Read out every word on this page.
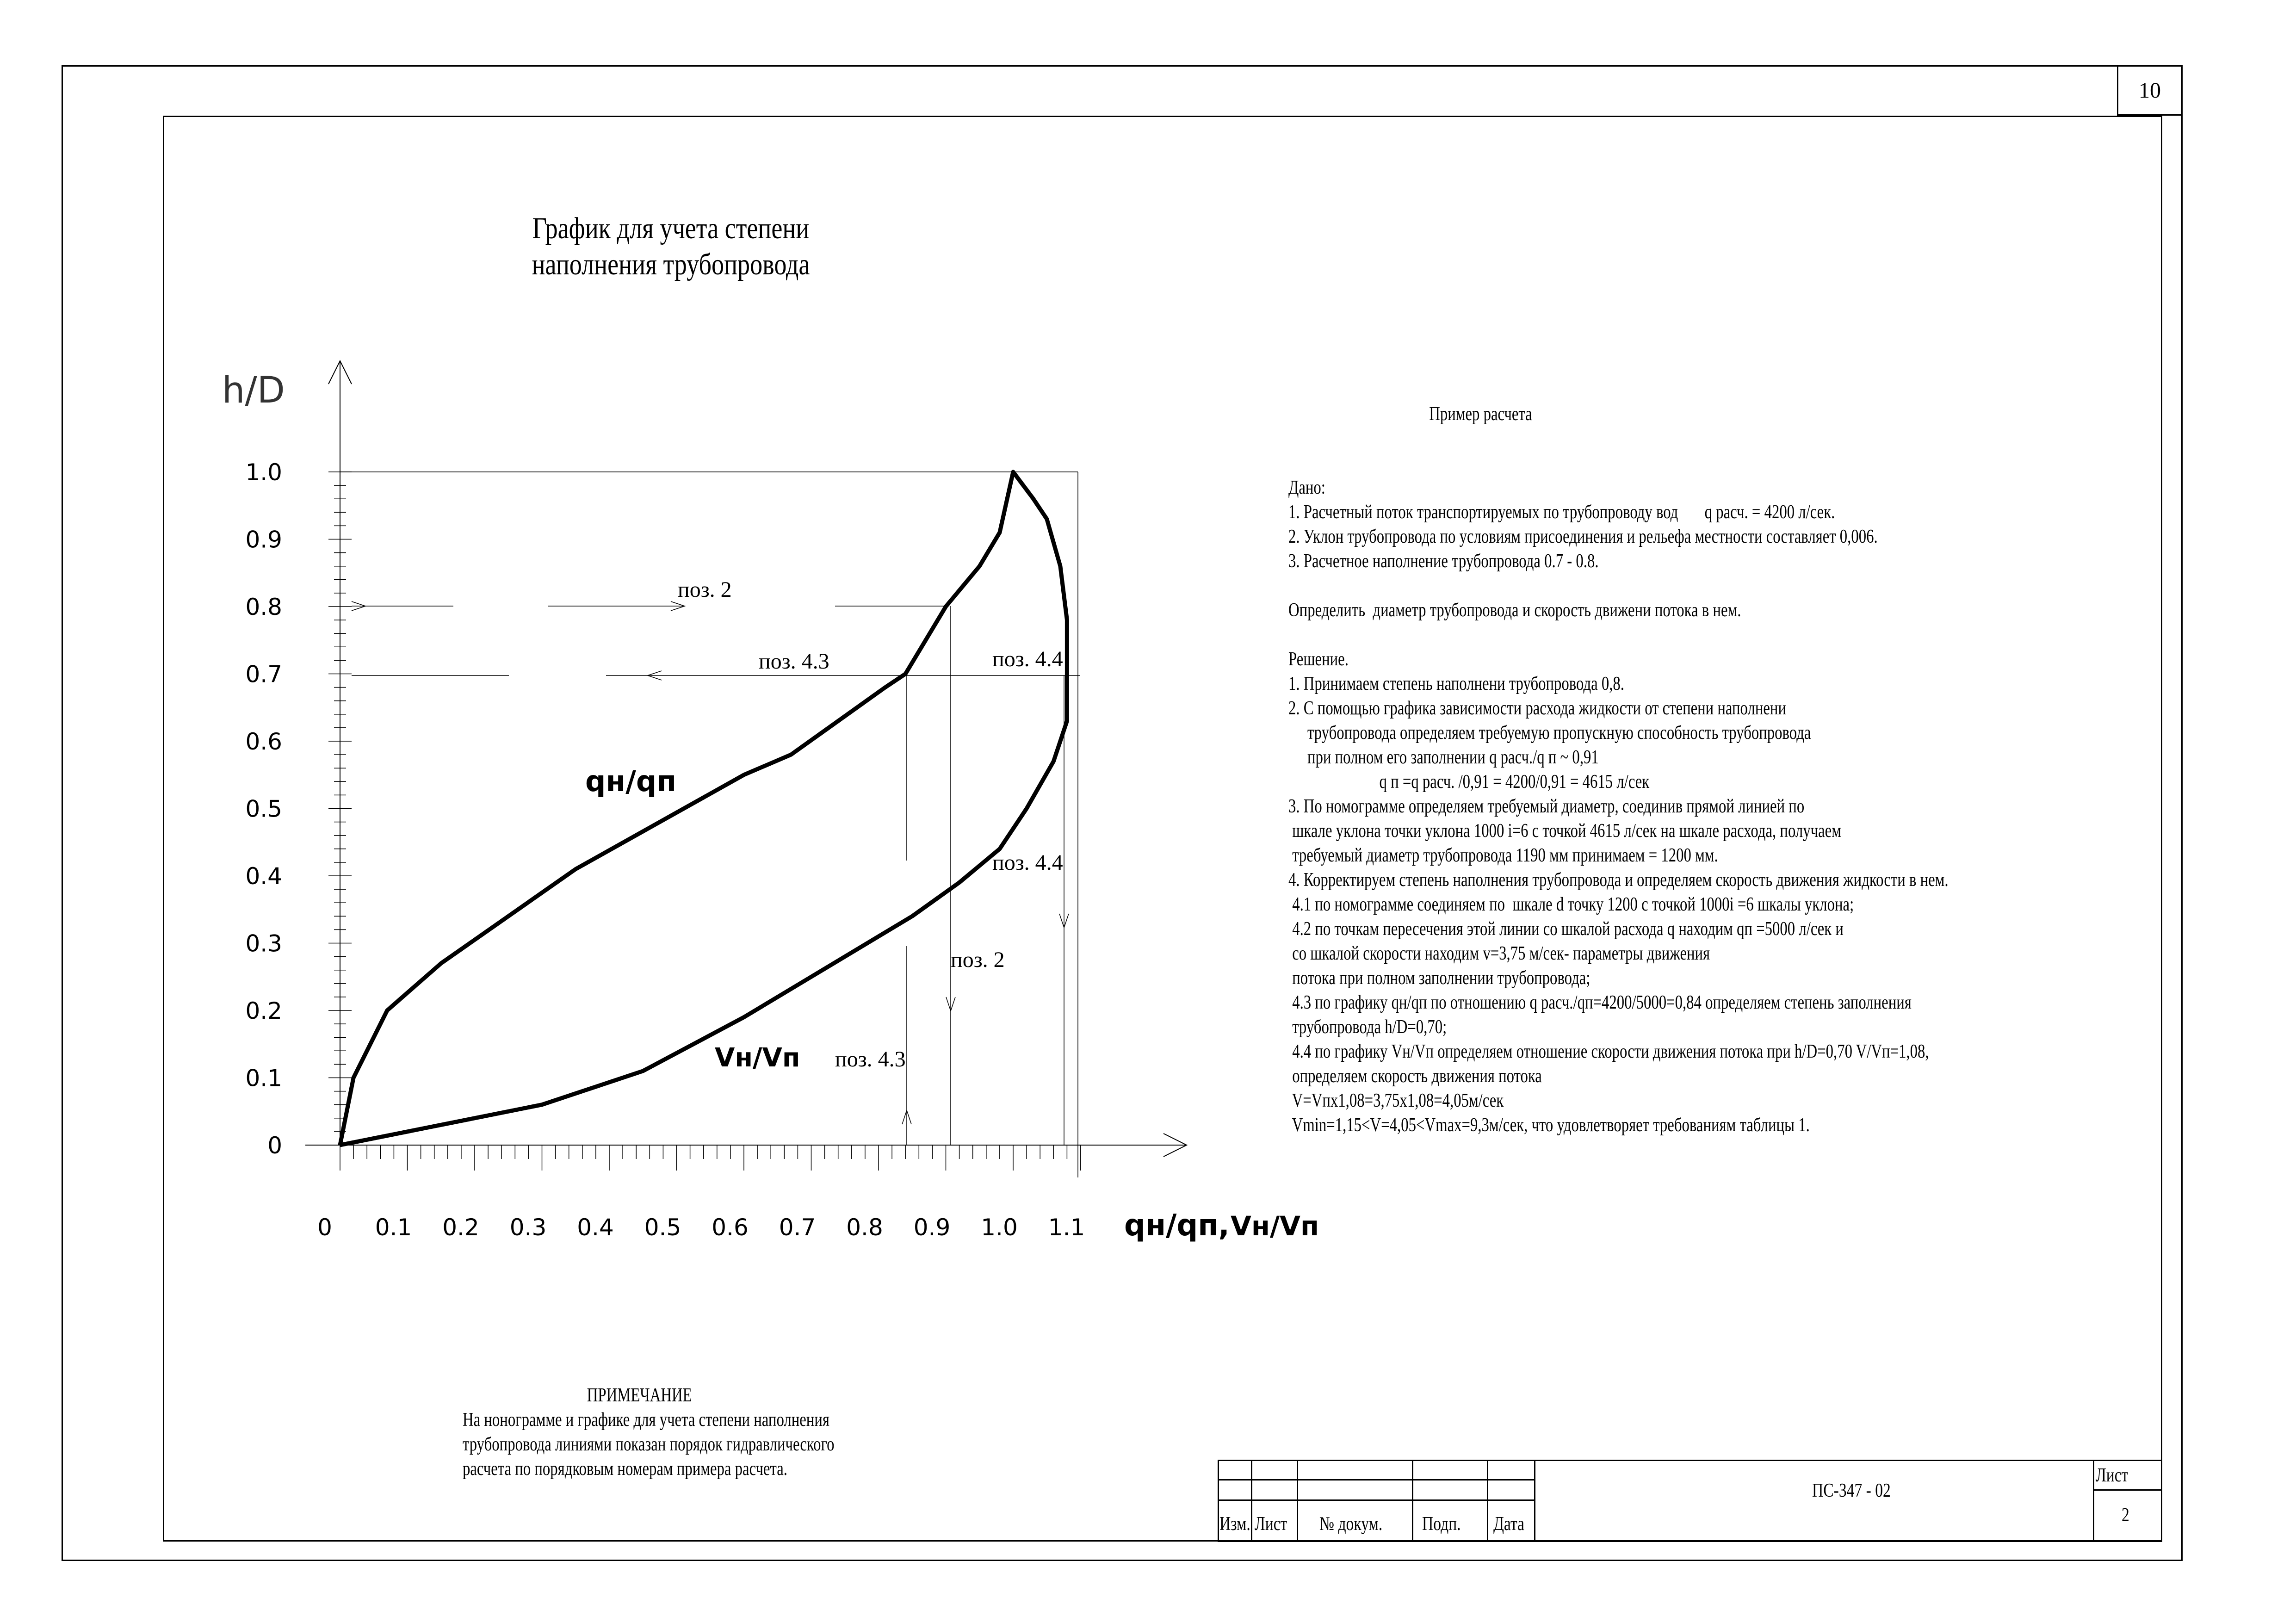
10
График для учета степени
наполнения трубопровода
0
0.1
0.2
0.3
0.4
0.5
0.6
0.7
0.8
0.9
1.0
0 0.1 0.2 0.3 0.4 0.5 0.6 0.7 0.8 0.9 1.0 1.1
h/D
qн/qп, Vн/Vп
qн/qп
Vн/Vп
поз. 2
поз. 4.3	поз. 4.4
поз. 4.4
поз. 2
поз. 4.3

Пример расчета

Дано:
1. Расчетный поток транспортируемых по трубопроводу вод       q расч. = 4200 л/сек.
2. Уклон трубопровода по условиям присоединения и рельефа местности составляет 0,006.
3. Расчетное наполнение трубопровода 0.7 - 0.8.

Определить  диаметр трубопровода и скорость движени потока в нем.

Решение.
1. Принимаем степень наполнени трубопровода 0,8.
2. С помощью графика зависимости расхода жидкости от степени наполнени
трубопровода определяем требуемую пропускную способность трубопровода
при полном его заполнении q расч./q п ~ 0,91
q п =q расч. /0,91 = 4200/0,91 = 4615 л/сек
3. По номограмме определяем требуемый диаметр, соединив прямой линией по
шкале уклона точки уклона 1000 i=6 с точкой 4615 л/сек на шкале расхода, получаем
требуемый диаметр трубопровода 1190 мм принимаем = 1200 мм.
4. Корректируем степень наполнения трубопровода и определяем скорость движения жидкости в нем.
4.1 по номограмме соединяем по  шкале d точку 1200 с точкой 1000i =6 шкалы уклона;
4.2 по точкам пересечения этой линии со шкалой расхода q находим qп =5000 л/сек и
со шкалой скорости находим v=3,75 м/сек- параметры движения
потока при полном заполнении трубопровода;
4.3 по графику qн/qп по отношению q расч./qп=4200/5000=0,84 определяем степень заполнения
трубопровода h/D=0,70;
4.4 по графику Vн/Vп определяем отношение скорости движения потока при h/D=0,70 V/Vп=1,08,
определяем скорость движения потока
V=Vпх1,08=3,75х1,08=4,05м/сек
Vmin=1,15<V=4,05<Vmax=9,3м/сек, что удовлетворяет требованиям таблицы 1.

ПРИМЕЧАНИЕ
На нонограмме и графике для учета степени наполнения
трубопровода линиями показан порядок гидравлического
расчета по порядковым номерам примера расчета.
Изм. Лист № докум. Подп. Дата
ПС-347 - 02
Лист
2
